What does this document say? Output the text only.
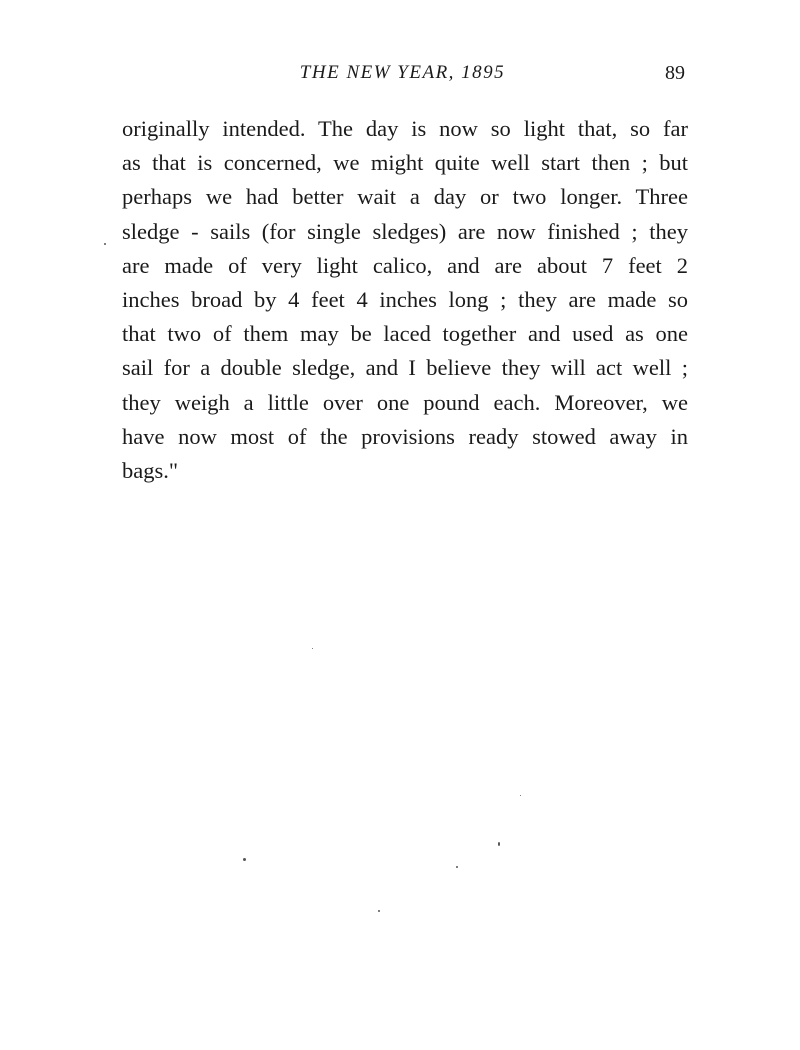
THE NEW YEAR, 1895	89
originally intended. The day is now so light that, so far
as that is concerned, we might quite well start then ; but
perhaps we had better wait a day or two longer. Three
sledge - sails (for single sledges) are now finished ; they
are made of very light calico, and are about 7 feet 2
inches broad by 4 feet 4 inches long ; they are made so
that two of them may be laced together and used as one
sail for a double sledge, and I believe they will act well ;
they weigh a little over one pound each. Moreover, we
have now most of the provisions ready stowed away in
bags."
